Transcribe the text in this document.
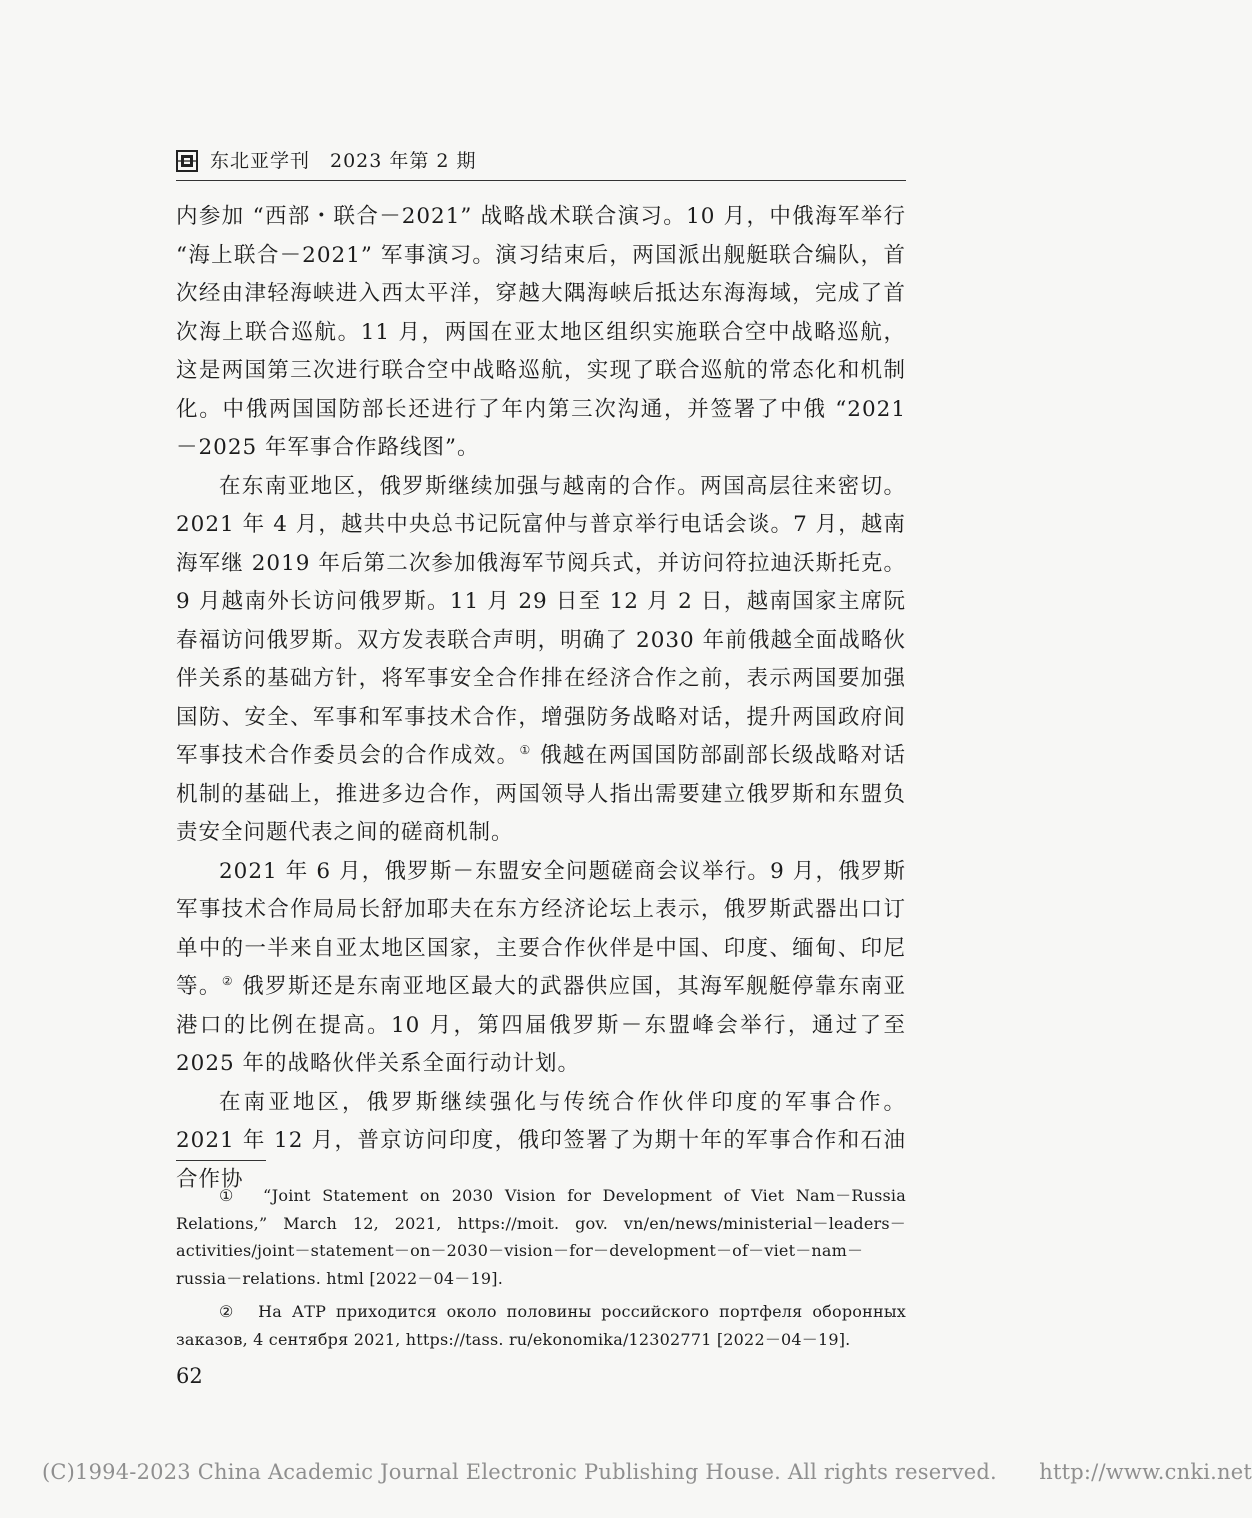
东北亚学刊　2023 年第 2 期

内参加 “西部・联合－2021” 战略战术联合演习。10 月，中俄海军举行 “海上联合－2021” 军事演习。演习结束后，两国派出舰艇联合编队，首次经由津轻海峡进入西太平洋，穿越大隅海峡后抵达东海海域，完成了首次海上联合巡航。11 月，两国在亚太地区组织实施联合空中战略巡航，这是两国第三次进行联合空中战略巡航，实现了联合巡航的常态化和机制化。中俄两国国防部长还进行了年内第三次沟通，并签署了中俄 “2021－2025 年军事合作路线图”。

在东南亚地区，俄罗斯继续加强与越南的合作。两国高层往来密切。2021 年 4 月，越共中央总书记阮富仲与普京举行电话会谈。7 月，越南海军继 2019 年后第二次参加俄海军节阅兵式，并访问符拉迪沃斯托克。9 月越南外长访问俄罗斯。11 月 29 日至 12 月 2 日，越南国家主席阮春福访问俄罗斯。双方发表联合声明，明确了 2030 年前俄越全面战略伙伴关系的基础方针，将军事安全合作排在经济合作之前，表示两国要加强国防、安全、军事和军事技术合作，增强防务战略对话，提升两国政府间军事技术合作委员会的合作成效。① 俄越在两国国防部副部长级战略对话机制的基础上，推进多边合作，两国领导人指出需要建立俄罗斯和东盟负责安全问题代表之间的磋商机制。

2021 年 6 月，俄罗斯－东盟安全问题磋商会议举行。9 月，俄罗斯军事技术合作局局长舒加耶夫在东方经济论坛上表示，俄罗斯武器出口订单中的一半来自亚太地区国家，主要合作伙伴是中国、印度、缅甸、印尼等。② 俄罗斯还是东南亚地区最大的武器供应国，其海军舰艇停靠东南亚港口的比例在提高。10 月，第四届俄罗斯－东盟峰会举行，通过了至 2025 年的战略伙伴关系全面行动计划。

在南亚地区，俄罗斯继续强化与传统合作伙伴印度的军事合作。2021 年 12 月，普京访问印度，俄印签署了为期十年的军事合作和石油合作协

① “Joint Statement on 2030 Vision for Development of Viet Nam－Russia Relations,” March 12, 2021, https://moit. gov. vn/en/news/ministerial－leaders－activities/joint－statement－on－2030－vision－for－development－of－viet－nam－russia－relations. html [2022－04－19].

② На АТР приходится около половины российского портфеля оборонных заказов, 4 сентября 2021, https://tass. ru/ekonomika/12302771 [2022－04－19].

62
(C)1994-2023 China Academic Journal Electronic Publishing House. All rights reserved.　　http://www.cnki.net
